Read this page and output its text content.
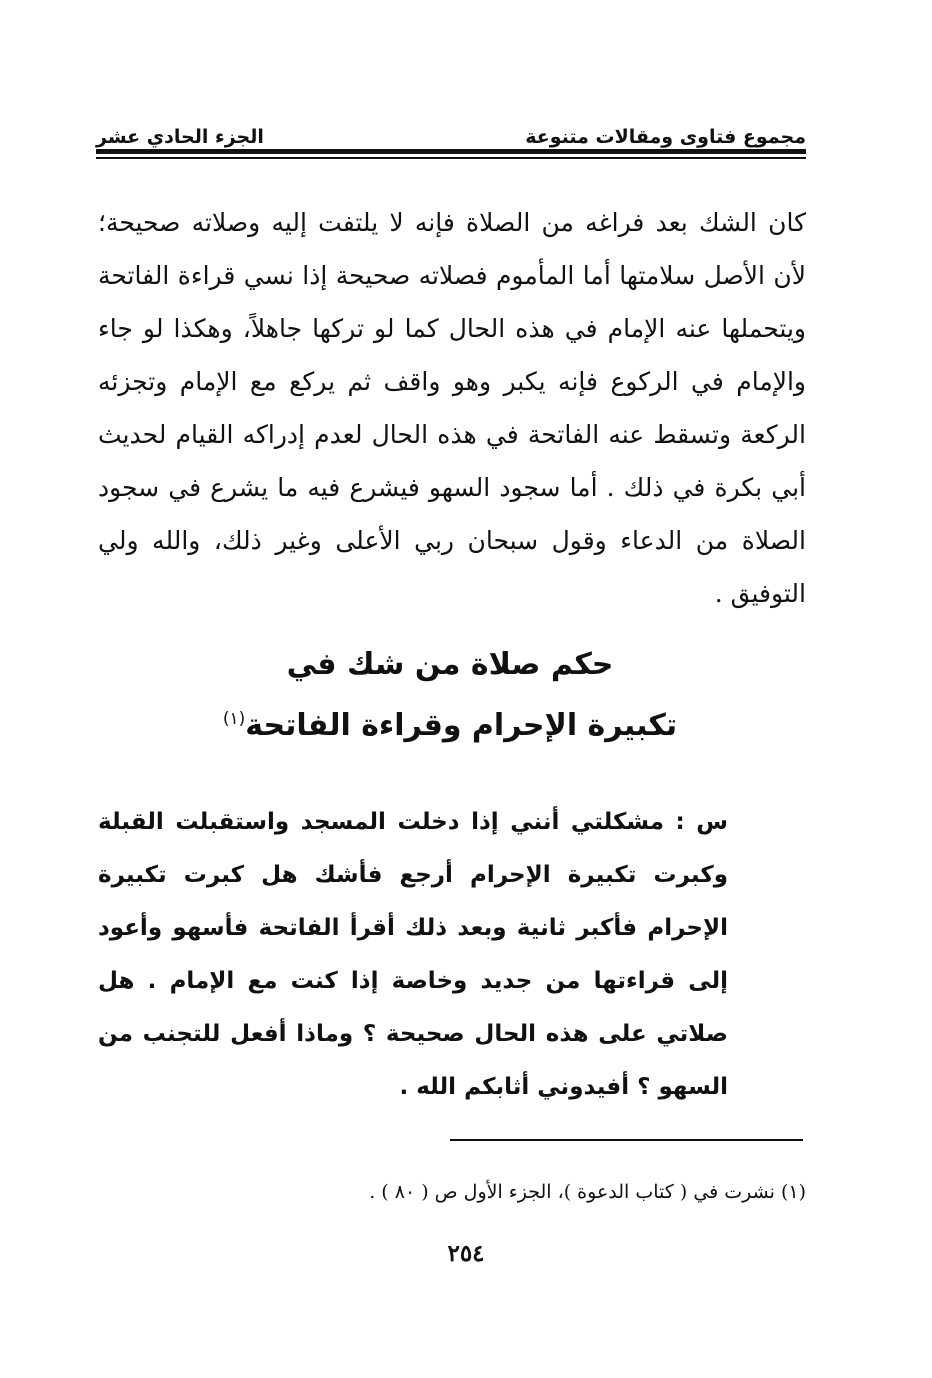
مجموع فتاوى ومقالات متنوعة
الجزء الحادي عشر
كان الشك بعد فراغه من الصلاة فإنه لا يلتفت إليه وصلاته صحيحة؛ لأن الأصل سلامتها أما المأموم فصلاته صحيحة إذا نسي قراءة الفاتحة ويتحملها عنه الإمام في هذه الحال كما لو تركها جاهلاً، وهكذا لو جاء والإمام في الركوع فإنه يكبر وهو واقف ثم يركع مع الإمام وتجزئه الركعة وتسقط عنه الفاتحة في هذه الحال لعدم إدراكه القيام لحديث أبي بكرة في ذلك . أما سجود السهو فيشرع فيه ما يشرع في سجود الصلاة من الدعاء وقول سبحان ربي الأعلى وغير ذلك، والله ولي التوفيق .
حكم صلاة من شك في
تكبيرة الإحرام وقراءة الفاتحة$^{(١)}$
س : مشكلتي أنني إذا دخلت المسجد واستقبلت القبلة وكبرت تكبيرة الإحرام أرجع فأشك هل كبرت تكبيرة الإحرام فأكبر ثانية وبعد ذلك أقرأ الفاتحة فأسهو وأعود إلى قراءتها من جديد وخاصة إذا كنت مع الإمام . هل صلاتي على هذه الحال صحيحة ؟ وماذا أفعل للتجنب من السهو ؟ أفيدوني أثابكم الله .
(١) نشرت في ( كتاب الدعوة )، الجزء الأول ص ( ٨٠ ) .
٢٥٤
